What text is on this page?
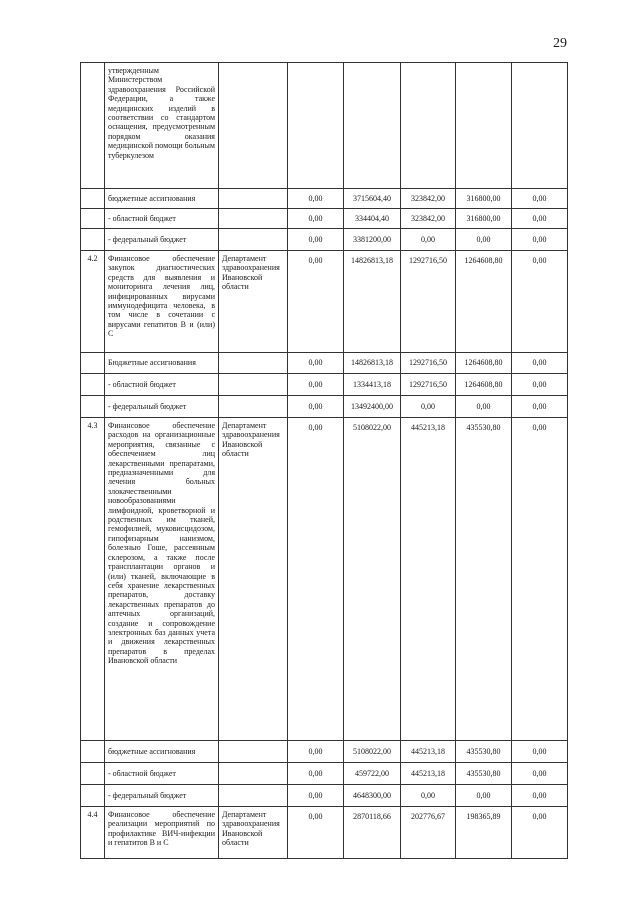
29
	утвержденным Министерством здравоохранения Российской Федерации, а также медицинских изделий в соответствии со стандартом оснащения, предусмотренным порядком оказания медицинской помощи больным туберкулезом						
	бюджетные ассигнования		0,00	3715604,40	323842,00	316800,00	0,00
	- областной бюджет		0,00	334404,40	323842,00	316800,00	0,00
	- федеральный бюджет		0,00	3381200,00	0,00	0,00	0,00
4.2	Финансовое обеспечение закупок диагностических средств для выявления и мониторинга лечения лиц, инфицированных вирусами иммунодефицита человека, в том числе в сочетании с вирусами гепатитов B и (или) C	Департамент здравоохранения Ивановской области	0,00	14826813,18	1292716,50	1264608,80	0,00
	Бюджетные ассигнования		0,00	14826813,18	1292716,50	1264608,80	0,00
	- областной бюджет		0,00	1334413,18	1292716,50	1264608,80	0,00
	- федеральный бюджет		0,00	13492400,00	0,00	0,00	0,00
4.3	Финансовое обеспечение расходов на организационные мероприятия, связанные с обеспечением лиц лекарственными препаратами, предназначенными для лечения больных злокачественными новообразованиями лимфоидной, кроветворной и родственных им тканей, гемофилией, муковисцидозом, гипофизарным нанизмом, болезнью Гоше, рассеянным склерозом, а также после трансплантации органов и (или) тканей, включающие в себя хранение лекарственных препаратов, доставку лекарственных препаратов до аптечных организаций, создание и сопровождение электронных баз данных учета и движения лекарственных препаратов в пределах Ивановской области	Департамент здравоохранения Ивановской области	0,00	5108022,00	445213,18	435530,80	0,00
	бюджетные ассигнования		0,00	5108022,00	445213,18	435530,80	0,00
	- областной бюджет		0,00	459722,00	445213,18	435530,80	0,00
	- федеральный бюджет		0,00	4648300,00	0,00	0,00	0,00
4.4	Финансовое обеспечение реализации мероприятий по профилактике ВИЧ-инфекции и гепатитов B и C	Департамент здравоохранения Ивановской области	0,00	2870118,66	202776,67	198365,89	0,00
